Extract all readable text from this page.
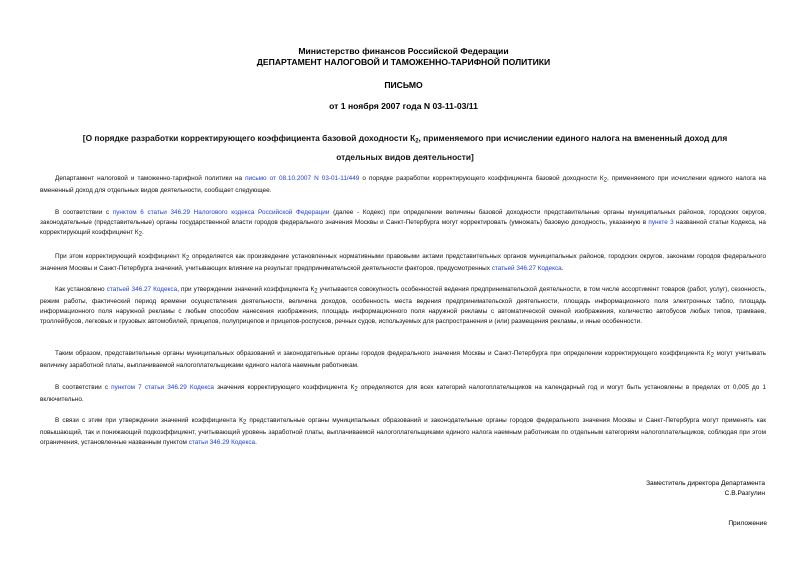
Министерство финансов Российской Федерации
ДЕПАРТАМЕНТ НАЛОГОВОЙ И ТАМОЖЕННО-ТАРИФНОЙ ПОЛИТИКИ
ПИСЬМО
от 1 ноября 2007 года N 03-11-03/11
[О порядке разработки корректирующего коэффициента базовой доходности $К_2$, применяемого при исчислении единого налога на вмененный доход для отдельных видов деятельности]
Департамент налоговой и таможенно-тарифной политики на письмо от 08.10.2007 N 03-01-11/449 о порядке разработки корректирующего коэффициента базовой доходности К2, применяемого при исчислении единого налога на вмененный доход для отдельных видов деятельности, сообщает следующее.
В соответствии с пунктом 6 статьи 346.29 Налогового кодекса Российской Федерации (далее - Кодекс) при определении величины базовой доходности представительные органы муниципальных районов, городских округов, законодательные (представительные) органы государственной власти городов федерального значения Москвы и Санкт-Петербурга могут корректировать (умножать) базовую доходность, указанную в пункте 3 названной статьи Кодекса, на корректирующий коэффициент К2.
При этом корректирующий коэффициент К2 определяется как произведение установленных нормативными правовыми актами представительных органов муниципальных районов, городских округов, законами городов федерального значения Москвы и Санкт-Петербурга значений, учитывающих влияние на результат предпринимательской деятельности факторов, предусмотренных статьей 346.27 Кодекса.
Как установлено статьей 346.27 Кодекса, при утверждении значений коэффициента К2 учитывается совокупность особенностей ведения предпринимательской деятельности, в том числе ассортимент товаров (работ, услуг), сезонность, режим работы, фактический период времени осуществления деятельности, величина доходов, особенность места ведения предпринимательской деятельности, площадь информационного поля электронных табло, площадь информационного поля наружной рекламы с любым способом нанесения изображения, площадь информационного поля наружной рекламы с автоматической сменой изображения, количество автобусов любых типов, трамваев, троллейбусов, легковых и грузовых автомобилей, прицепов, полуприцепов и прицепов-роспусков, речных судов, используемых для распространения и (или) размещения рекламы, и иные особенности.
Таким образом, представительные органы муниципальных образований и законодательные органы городов федерального значения Москвы и Санкт-Петербурга при определении корректирующего коэффициента К2 могут учитывать величину заработной платы, выплачиваемой налогоплательщиками единого налога наемным работникам.
В соответствии с пунктом 7 статьи 346.29 Кодекса значения корректирующего коэффициента К2 определяются для всех категорий налогоплательщиков на календарный год и могут быть установлены в пределах от 0,005 до 1 включительно.
В связи с этим при утверждении значений коэффициента К2 представительные органы муниципальных образований и законодательные органы городов федерального значения Москвы и Санкт-Петербурга могут применять как повышающий, так и понижающий подкоэффициент, учитывающий уровень заработной платы, выплачиваемой налогоплательщиками единого налога наемным работникам по отдельным категориям налогоплательщиков, соблюдая при этом ограничения, установленные названным пунктом статьи 346.29 Кодекса.
Заместитель директора Департамента
С.В.Разгулин
Приложение
